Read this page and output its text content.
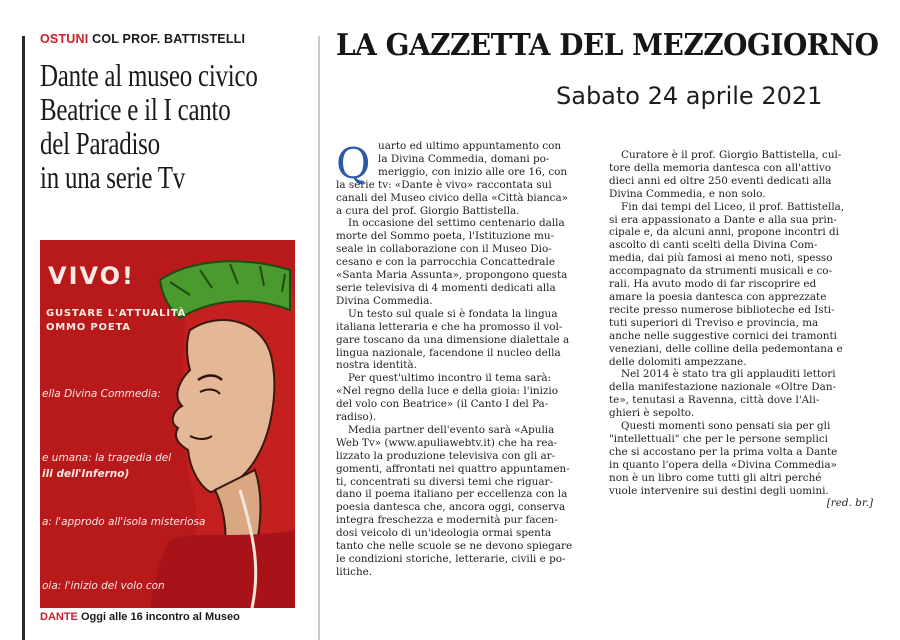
OSTUNI COL PROF. BATTISTELLI
Dante al museo civico
Beatrice e il I canto
del Paradiso
in una serie Tv
VIVO!
GUSTARE L'ATTUALITÀ
OMMO POETA
ella Divina Commedia:
e umana: la tragedia del
ili dell'Inferno)
a: l'approdo all'isola misteriosa
oia: l'inizio del volo con
DANTE Oggi alle 16 incontro al Museo
LA GAZZETTA DEL MEZZOGIORNO
Sabato 24 aprile 2021
Q uarto ed ultimo appuntamento con
la Divina Commedia, domani po-
meriggio, con inizio alle ore 16, con
la serie tv: «Dante è vivo» raccontata sui
canali del Museo civico della «Città bianca»
a cura del prof. Giorgio Battistella.
In occasione del settimo centenario dalla
morte del Sommo poeta, l'Istituzione mu-
seale in collaborazione con il Museo Dio-
cesano e con la parrocchia Concattedrale
«Santa Maria Assunta», propongono questa
serie televisiva di 4 momenti dedicati alla
Divina Commedia.
Un testo sul quale si è fondata la lingua
italiana letteraria e che ha promosso il vol-
gare toscano da una dimensione dialettale a
lingua nazionale, facendone il nucleo della
nostra identità.
Per quest'ultimo incontro il tema sarà:
«Nel regno della luce e della gioia: l'inizio
del volo con Beatrice» (il Canto I del Pa-
radiso).
Media partner dell'evento sarà «Apulia
Web Tv» (www.apuliawebtv.it) che ha rea-
lizzato la produzione televisiva con gli ar-
gomenti, affrontati nei quattro appuntamen-
ti, concentrati su diversi temi che riguar-
dano il poema italiano per eccellenza con la
poesia dantesca che, ancora oggi, conserva
integra freschezza e modernità pur facen-
dosi veicolo di un'ideologia ormai spenta
tanto che nelle scuole se ne devono spiegare
le condizioni storiche, letterarie, civili e po-
litiche.
Curatore è il prof. Giorgio Battistella, cul-
tore della memoria dantesca con all'attivo
dieci anni ed oltre 250 eventi dedicati alla
Divina Commedia, e non solo.
Fin dai tempi del Liceo, il prof. Battistella,
si era appassionato a Dante e alla sua prin-
cipale e, da alcuni anni, propone incontri di
ascolto di canti scelti della Divina Com-
media, dai più famosi ai meno noti, spesso
accompagnato da strumenti musicali e co-
rali. Ha avuto modo di far riscoprire ed
amare la poesia dantesca con apprezzate
recite presso numerose biblioteche ed Isti-
tuti superiori di Treviso e provincia, ma
anche nelle suggestive cornici dei tramonti
veneziani, delle colline della pedemontana e
delle dolomiti ampezzane.
Nel 2014 è stato tra gli applauditi lettori
della manifestazione nazionale «Oltre Dan-
te», tenutasi a Ravenna, città dove l'Ali-
ghieri è sepolto.
Questi momenti sono pensati sia per gli
"intellettuali" che per le persone semplici
che si accostano per la prima volta a Dante
in quanto l'opera della «Divina Commedia»
non è un libro come tutti gli altri perché
vuole intervenire sui destini degli uomini.
[red. br.]
